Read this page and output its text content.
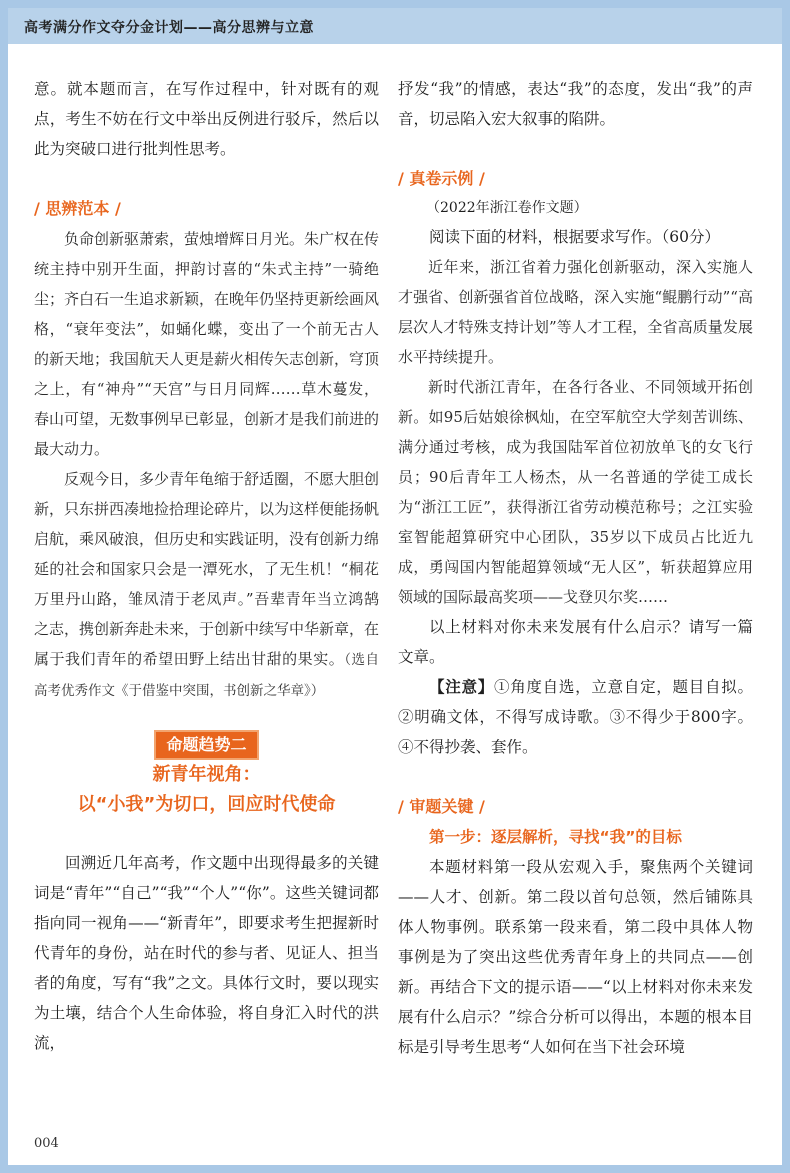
高考满分作文夺分金计划——高分思辨与立意

意。就本题而言，在写作过程中，针对既有的观点，考生不妨在行文中举出反例进行驳斥，然后以此为突破口进行批判性思考。

/ 思辨范本 /

负命创新驱萧索，萤烛增辉日月光。朱广权在传统主持中别开生面，押韵讨喜的“朱式主持”一骑绝尘；齐白石一生追求新颖，在晚年仍坚持更新绘画风格，“衰年变法”，如蛹化蝶，变出了一个前无古人的新天地；我国航天人更是薪火相传矢志创新，穹顶之上，有“神舟”“天宫”与日月同辉……草木蔓发，春山可望，无数事例早已彰显，创新才是我们前进的最大动力。

反观今日，多少青年龟缩于舒适圈，不愿大胆创新，只东拼西凑地捡拾理论碎片，以为这样便能扬帆启航，乘风破浪，但历史和实践证明，没有创新力绵延的社会和国家只会是一潭死水，了无生机！“桐花万里丹山路，雏凤清于老凤声。”吾辈青年当立鸿鹄之志，携创新奔赴未来，于创新中续写中华新章，在属于我们青年的希望田野上结出甘甜的果实。（选自高考优秀作文《于借鉴中突围，书创新之华章》）

命题趋势二
新青年视角：
以“小我”为切口，回应时代使命

回溯近几年高考，作文题中出现得最多的关键词是“青年”“自己”“我”“个人”“你”。这些关键词都指向同一视角——“新青年”，即要求考生把握新时代青年的身份，站在时代的参与者、见证人、担当者的角度，写有“我”之文。具体行文时，要以现实为土壤，结合个人生命体验，将自身汇入时代的洪流，

抒发“我”的情感，表达“我”的态度，发出“我”的声音，切忌陷入宏大叙事的陷阱。

/ 真卷示例 /

（2022年浙江卷作文题）

阅读下面的材料，根据要求写作。（60分）

近年来，浙江省着力强化创新驱动，深入实施人才强省、创新强省首位战略，深入实施“鲲鹏行动”“高层次人才特殊支持计划”等人才工程，全省高质量发展水平持续提升。

新时代浙江青年，在各行各业、不同领域开拓创新。如95后姑娘徐枫灿，在空军航空大学刻苦训练、满分通过考核，成为我国陆军首位初放单飞的女飞行员；90后青年工人杨杰，从一名普通的学徒工成长为“浙江工匠”，获得浙江省劳动模范称号；之江实验室智能超算研究中心团队，35岁以下成员占比近九成，勇闯国内智能超算领域“无人区”，斩获超算应用领域的国际最高奖项——戈登贝尔奖……

以上材料对你未来发展有什么启示？请写一篇文章。

【注意】①角度自选，立意自定，题目自拟。②明确文体，不得写成诗歌。③不得少于800字。④不得抄袭、套作。

/ 审题关键 /

第一步：逐层解析，寻找“我”的目标

本题材料第一段从宏观入手，聚焦两个关键词——人才、创新。第二段以首句总领，然后铺陈具体人物事例。联系第一段来看，第二段中具体人物事例是为了突出这些优秀青年身上的共同点——创新。再结合下文的提示语——“以上材料对你未来发展有什么启示？”综合分析可以得出，本题的根本目标是引导考生思考“人如何在当下社会环境

004
